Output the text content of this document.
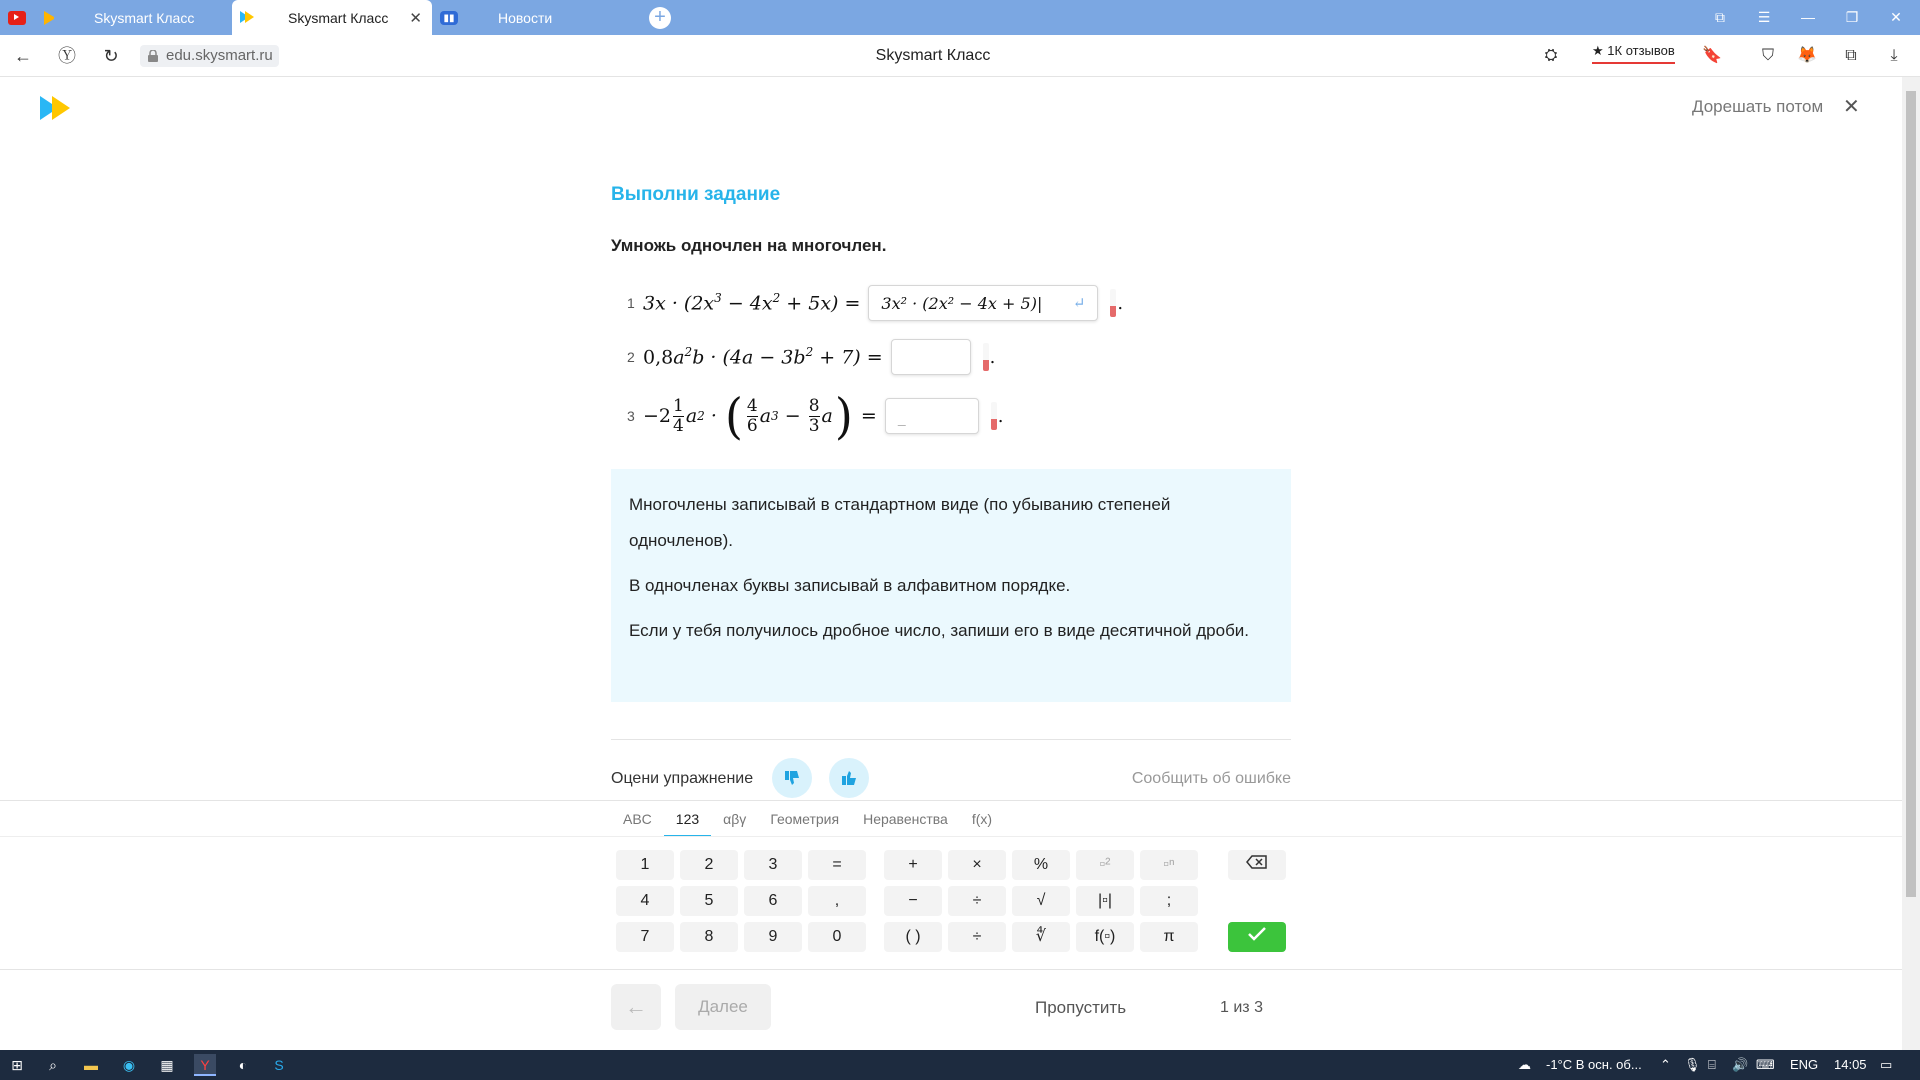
Skysmart Класс	Skysmart Класс ✕	▮▮	Новости	+	⧉	☰	—	❐	✕
← Ⓨ	↻	edu.skysmart.ru	Skysmart Класс	⛭	★ 1К отзывов 🔖	⛉	🦊	⧉	⤓
Дорешать потом ✕
Выполни задание
Умножь одночлен на многочлен.
1 $3x \cdot (2x^3 - 4x^2 + 5x) = 3x^2 \cdot (2x^2 - 4x + 5)$ | ↵ .
2 $0,8a^2b \cdot (4a - 3b^2 + 7)$ =	.
$3 -2 \frac{1}{4}$ a 2 · ( $\frac{4}{6}$ a $3 - \frac{8}{3}$ a ) = _	.

Многочлены записывай в стандартном виде (по убыванию степеней одночленов).

В одночленах буквы записывай в алфавитном порядке.

Если у тебя получилось дробное число, запиши его в виде десятичной дроби.

Оцени упражнение	Сообщить об ошибке
ABC	123	αβγ	Геометрия	Неравенства	f(x)
1	2	3	=	+	×	%	▫²	▫ⁿ
4	5	6	,	−	÷	√	|▫|	;
7	8	9	0	( )	÷	∜	f(▫)	π
←	Далее	Пропустить	1 из 3
⊞	⌕	▬	◉	▦	Y	◐	S	☁ -1°C В осн. об... ⌃ 🎙 ⌸ 🔊 ⌨ ENG 14:05 ▭
